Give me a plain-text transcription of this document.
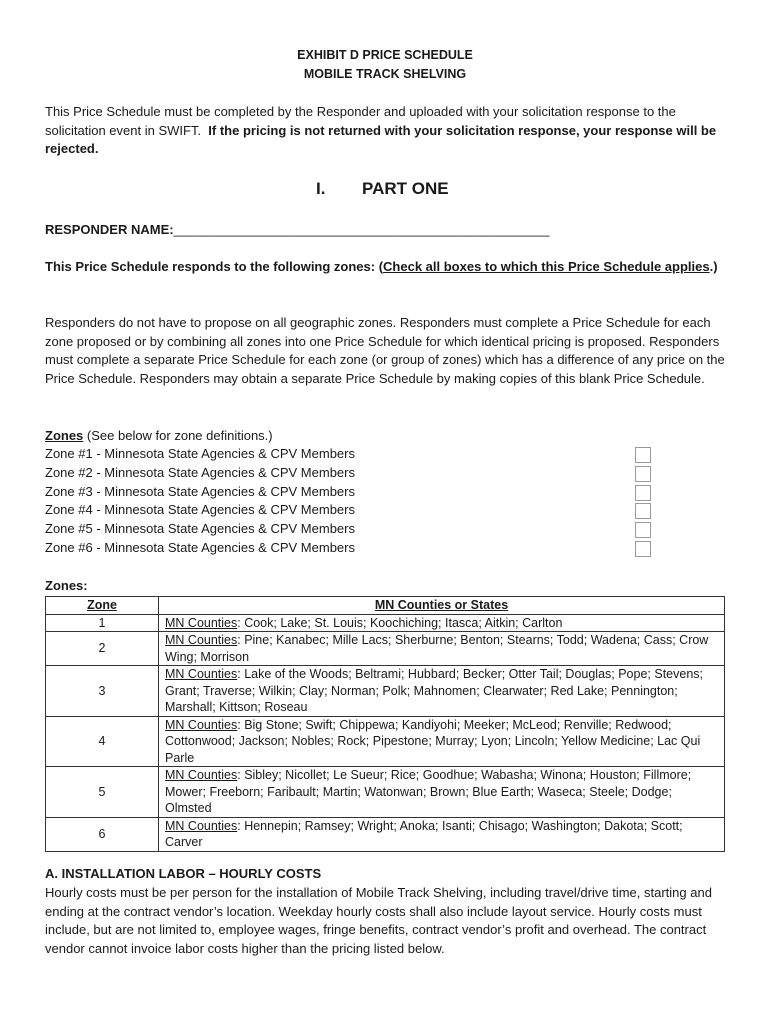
EXHIBIT D PRICE SCHEDULE
MOBILE TRACK SHELVING
This Price Schedule must be completed by the Responder and uploaded with your solicitation response to the solicitation event in SWIFT. If the pricing is not returned with your solicitation response, your response will be rejected.
I. PART ONE
RESPONDER NAME:____________________________________________________
This Price Schedule responds to the following zones: (Check all boxes to which this Price Schedule applies.)
Responders do not have to propose on all geographic zones. Responders must complete a Price Schedule for each zone proposed or by combining all zones into one Price Schedule for which identical pricing is proposed. Responders must complete a separate Price Schedule for each zone (or group of zones) which has a difference of any price on the Price Schedule. Responders may obtain a separate Price Schedule by making copies of this blank Price Schedule.
Zones (See below for zone definitions.)
Zone #1 - Minnesota State Agencies & CPV Members
Zone #2 - Minnesota State Agencies & CPV Members
Zone #3 - Minnesota State Agencies & CPV Members
Zone #4 - Minnesota State Agencies & CPV Members
Zone #5 - Minnesota State Agencies & CPV Members
Zone #6 - Minnesota State Agencies & CPV Members
Zones:
Zone	MN Counties or States
1	MN Counties: Cook; Lake; St. Louis; Koochiching; Itasca; Aitkin; Carlton
2	MN Counties: Pine; Kanabec; Mille Lacs; Sherburne; Benton; Stearns; Todd; Wadena; Cass; Crow Wing; Morrison
3	MN Counties: Lake of the Woods; Beltrami; Hubbard; Becker; Otter Tail; Douglas; Pope; Stevens; Grant; Traverse; Wilkin; Clay; Norman; Polk; Mahnomen; Clearwater; Red Lake; Pennington; Marshall; Kittson; Roseau
4	MN Counties: Big Stone; Swift; Chippewa; Kandiyohi; Meeker; McLeod; Renville; Redwood; Cottonwood; Jackson; Nobles; Rock; Pipestone; Murray; Lyon; Lincoln; Yellow Medicine; Lac Qui Parle
5	MN Counties: Sibley; Nicollet; Le Sueur; Rice; Goodhue; Wabasha; Winona; Houston; Fillmore; Mower; Freeborn; Faribault; Martin; Watonwan; Brown; Blue Earth; Waseca; Steele; Dodge; Olmsted
6	MN Counties: Hennepin; Ramsey; Wright; Anoka; Isanti; Chisago; Washington; Dakota; Scott; Carver
A. INSTALLATION LABOR – HOURLY COSTS
Hourly costs must be per person for the installation of Mobile Track Shelving, including travel/drive time, starting and ending at the contract vendor’s location. Weekday hourly costs shall also include layout service. Hourly costs must include, but are not limited to, employee wages, fringe benefits, contract vendor’s profit and overhead. The contract vendor cannot invoice labor costs higher than the pricing listed below.
